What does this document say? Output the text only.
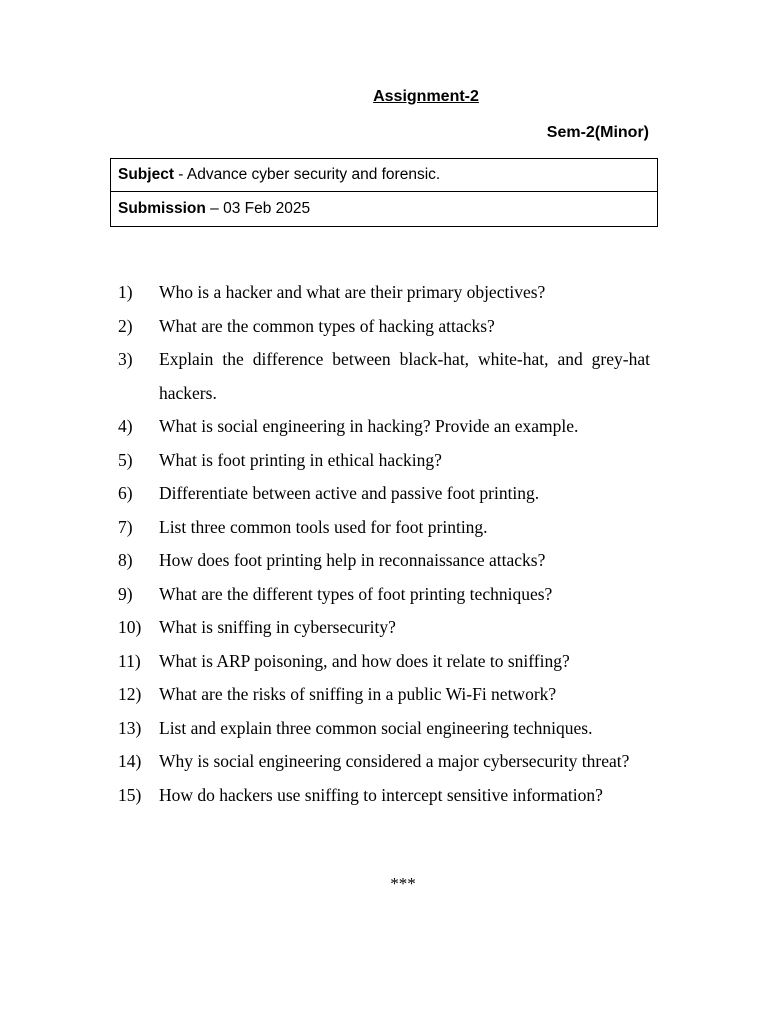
Assignment-2
Sem-2(Minor)
Subject - Advance cyber security and forensic.
Submission – 03 Feb 2025
1)	Who is a hacker and what are their primary objectives?
2)	What are the common types of hacking attacks?
3)	Explain the difference between black-hat, white-hat, and grey-hat hackers.
4)	What is social engineering in hacking? Provide an example.
5)	What is foot printing in ethical hacking?
6)	Differentiate between active and passive foot printing.
7)	List three common tools used for foot printing.
8)	How does foot printing help in reconnaissance attacks?
9)	What are the different types of foot printing techniques?
10)	What is sniffing in cybersecurity?
11)	What is ARP poisoning, and how does it relate to sniffing?
12)	What are the risks of sniffing in a public Wi-Fi network?
13)	List and explain three common social engineering techniques.
14)	Why is social engineering considered a major cybersecurity threat?
15)	How do hackers use sniffing to intercept sensitive information?
***
